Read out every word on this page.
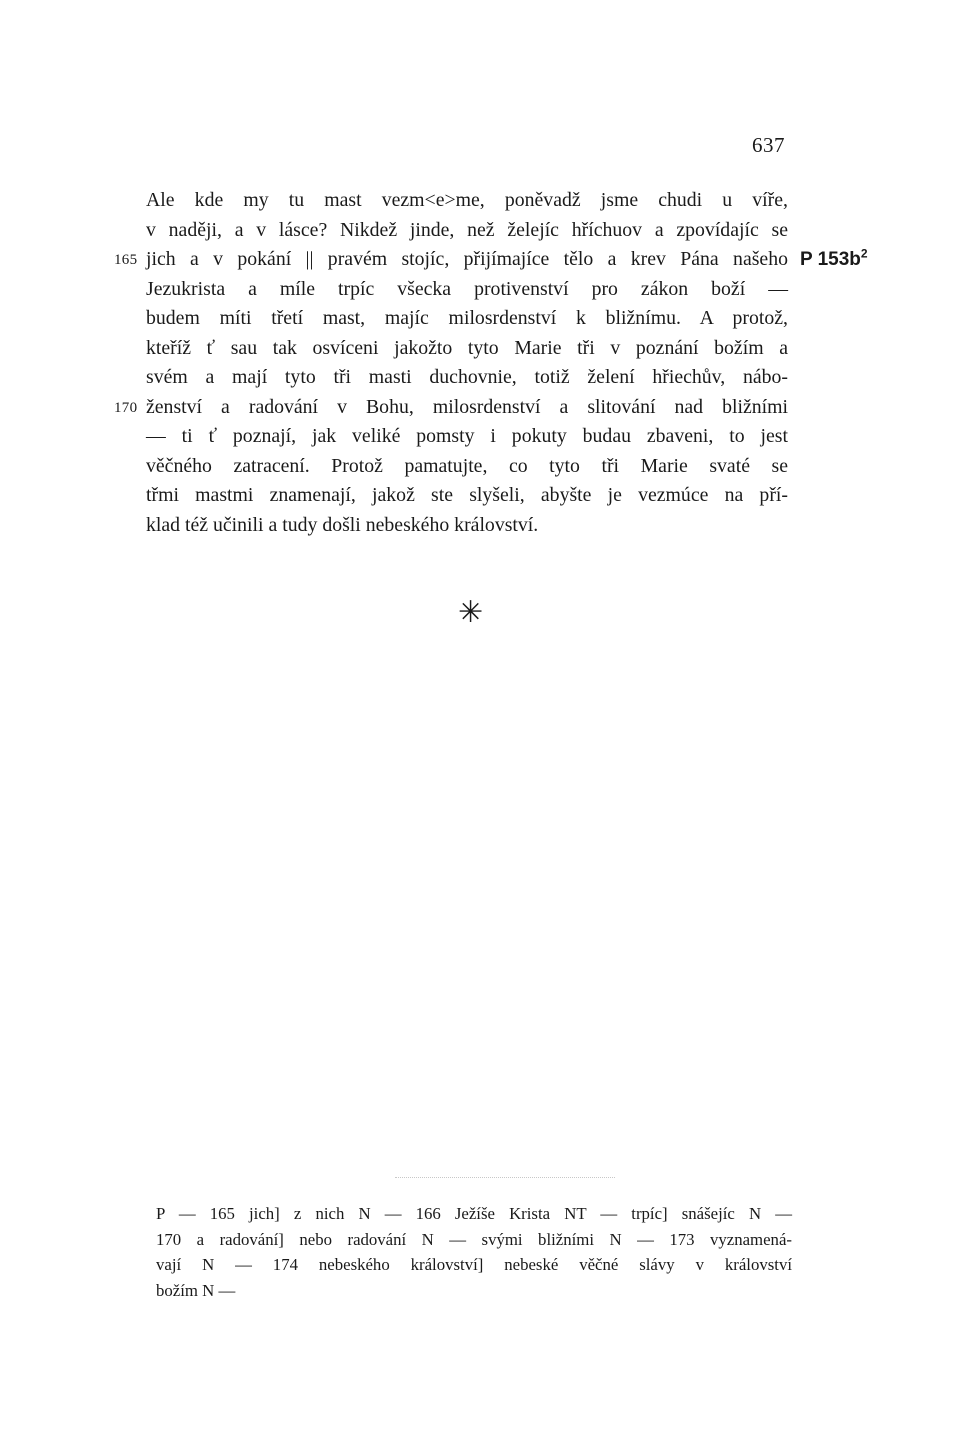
637
Ale kde my tu mast vezm<e>me, poněvadž jsme chudi u víře,
v naději, a v lásce? Nikdež jinde, než želejíc hříchuov a zpovídajíc se
165 jich a v pokání || pravém stojíc, přijímajíce tělo a krev Pána našeho P $153b^2$
Jezukrista a míle trpíc všecka protivenství pro zákon boží —
budem míti třetí mast, majíc milosrdenství k bližnímu. A protož,
kteříž ť sau tak osvíceni jakožto tyto Marie tři v poznání božím a
svém a mají tyto tři masti duchovnie, totiž želení hřiechův, nábo-
170 ženství a radování v Bohu, milosrdenství a slitování nad bližními
— ti ť poznají, jak veliké pomsty i pokuty budau zbaveni, to jest
věčného zatracení. Protož pamatujte, co tyto tři Marie svaté se
třmi mastmi znamenají, jakož ste slyšeli, abyšte je vezmúce na pří-
klad též učinili a tudy došli nebeského království.
✳
P — 165 jich] z nich N — 166 Ježíše Krista NT — trpíc] snášejíc N —
170 a radování] nebo radování N — svými bližními N — 173 vyznamená-
vají N — 174 nebeského království] nebeské věčné slávy v království
božím N —
